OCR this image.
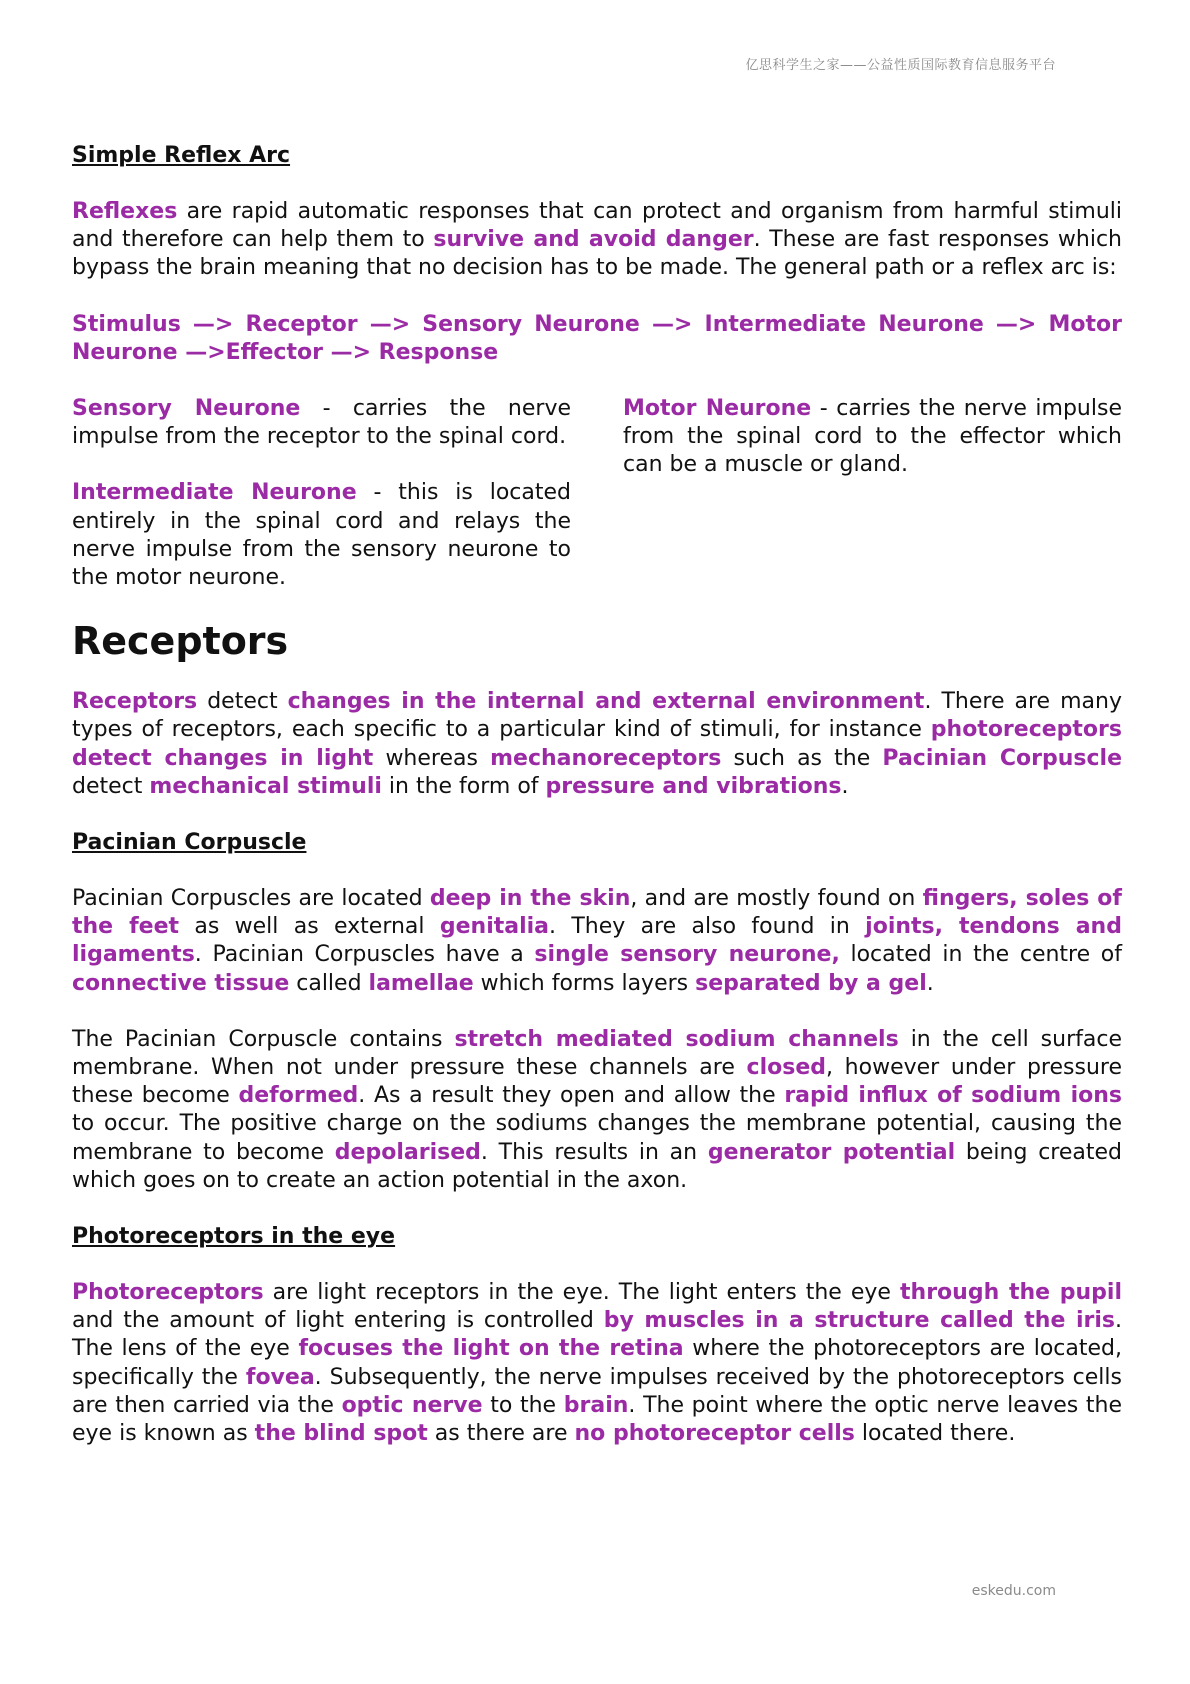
亿思科学生之家——公益性质国际教育信息服务平台

Simple Reflex Arc

Reflexes are rapid automatic responses that can protect and organism from harmful stimuli and therefore can help them to survive and avoid danger. These are fast responses which bypass the brain meaning that no decision has to be made. The general path or a reflex arc is:

Stimulus —> Receptor —> Sensory Neurone —> Intermediate Neurone —> Motor Neurone —>Effector —> Response

Sensory Neurone - carries the nerve impulse from the receptor to the spinal cord.

Intermediate Neurone - this is located entirely in the spinal cord and relays the nerve impulse from the sensory neurone to the motor neurone.

Motor Neurone - carries the nerve impulse from the spinal cord to the effector which can be a muscle or gland.

Receptors

Receptors detect changes in the internal and external environment. There are many types of receptors, each specific to a particular kind of stimuli, for instance photoreceptors detect changes in light whereas mechanoreceptors such as the Pacinian Corpuscle detect mechanical stimuli in the form of pressure and vibrations.

Pacinian Corpuscle

Pacinian Corpuscles are located deep in the skin, and are mostly found on fingers, soles of the feet as well as external genitalia. They are also found in joints, tendons and ligaments. Pacinian Corpuscles have a single sensory neurone, located in the centre of connective tissue called lamellae which forms layers separated by a gel.

The Pacinian Corpuscle contains stretch mediated sodium channels in the cell surface membrane. When not under pressure these channels are closed, however under pressure these become deformed. As a result they open and allow the rapid influx of sodium ions to occur. The positive charge on the sodiums changes the membrane potential, causing the membrane to become depolarised. This results in an generator potential being created which goes on to create an action potential in the axon.

Photoreceptors in the eye

Photoreceptors are light receptors in the eye. The light enters the eye through the pupil and the amount of light entering is controlled by muscles in a structure called the iris. The lens of the eye focuses the light on the retina where the photoreceptors are located, specifically the fovea. Subsequently, the nerve impulses received by the photoreceptors cells are then carried via the optic nerve to the brain. The point where the optic nerve leaves the eye is known as the blind spot as there are no photoreceptor cells located there.

eskedu.com
